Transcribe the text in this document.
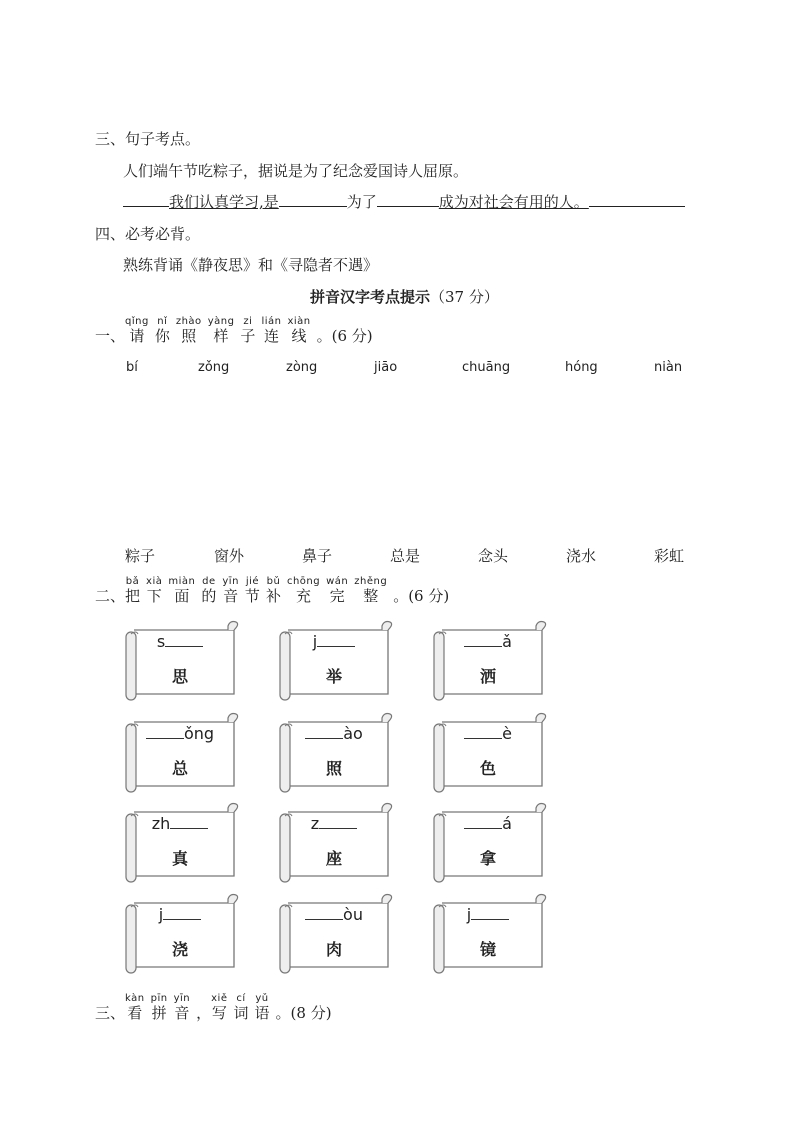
三、句子考点。
人们端午节吃粽子，据说是为了纪念爱国诗人屈原。
我们认真学习,是	为了	成为对社会有用的人。
四、必考必背。
熟练背诵《静夜思》和《寻隐者不遇》
拼音汉字考点提示（37 分）
一、
qǐng
请
nǐ
你
zhào
照
yàng
样
zi
子
lián
连
xiàn
线 。(6 分)
bí	zǒng	zòng	jiāo	chuāng	hóng	niàn
粽子	窗外	鼻子	总是	念头	浇水	彩虹
二、
bǎ
把
xià
下
miàn
面
de
的
yīn
音
jié
节
bǔ
补
chōng
充
wán
完
zhěng
整 。(6 分)
s
思
j
举
ǎ
洒
ǒng
总
ào
照
è
色
zh
真
z
座
á
拿
j
浇
òu
肉
j
镜
三、
kàn
看
pīn
拼
yīn
音 ，
xiě
写
cí
词
yǔ
语 。(8 分)
